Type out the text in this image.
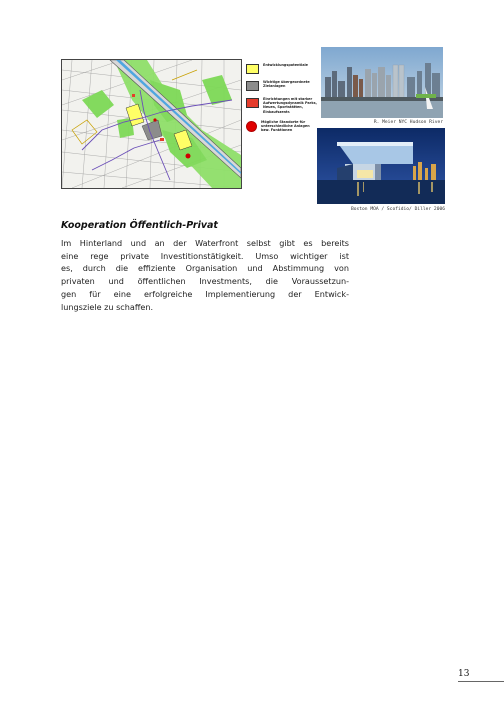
Entwicklungspotentiale
Wichtige übergeordnete Zielanlagen
Einrichtungen mit starker Aufwertungsdynamik Parks, Neues, Sportstätten, Einkaufszentr.
Mögliche Standorte für unterschiedliche Anlagen bzw. Funktionen
R. Meier NYC Hudson River
Boston MOA / Scofidio/ Diller 2006
Kooperation Öffentlich-Privat
Im Hinterland und an der Waterfront selbst gibt es bereits
eine rege private Investitionstätigkeit. Umso wichtiger ist
es, durch die effiziente Organisation und Abstimmung von
privaten und öffentlichen Investments, die Voraussetzun-
gen für eine erfolgreiche Implementierung der Entwick-
lungsziele zu schaffen.
13
